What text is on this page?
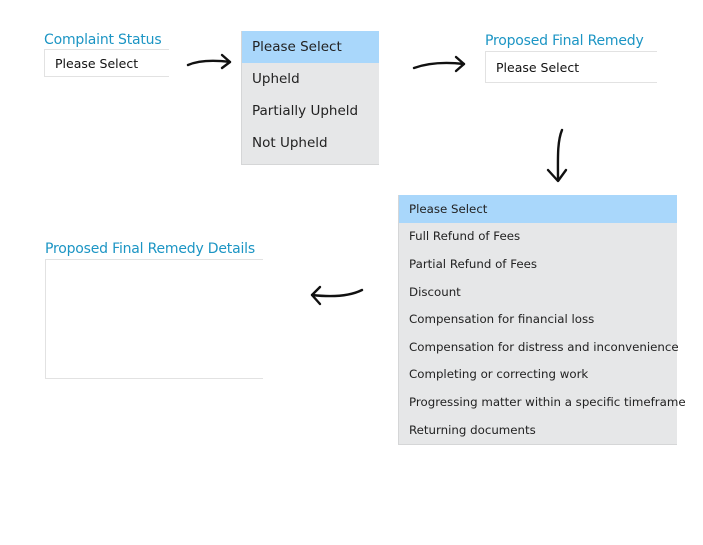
Complaint Status
Please Select
Please Select
Upheld
Partially Upheld
Not Upheld
Proposed Final Remedy
Please Select
Please Select
Full Refund of Fees
Partial Refund of Fees
Discount
Compensation for financial loss
Compensation for distress and inconvenience
Completing or correcting work
Progressing matter within a specific timeframe
Returning documents
Proposed Final Remedy Details
